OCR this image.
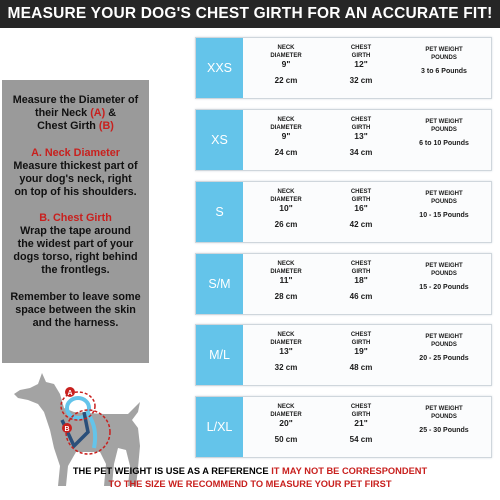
MEASURE YOUR DOG'S CHEST GIRTH FOR AN ACCURATE FIT!
Measure the Diameter of
their Neck (A) &
Chest Girth (B)
A. Neck Diameter
Measure thickest part of
your dog's neck, right
on top of his shoulders.
B. Chest Girth
Wrap the tape around
the widest part of your
dogs torso, right behind
the frontlegs.
Remember to leave some
space between the skin
and the harness.
XXS
NECK
DIAMETER
CHEST
GIRTH
PET WEIGHT
POUNDS
9"	12"
22 cm	32 cm
3 to 6 Pounds
XS
NECK
DIAMETER
CHEST
GIRTH
PET WEIGHT
POUNDS
9"	13"
24 cm	34 cm
6 to 10 Pounds
S
NECK
DIAMETER
CHEST
GIRTH
PET WEIGHT
POUNDS
10"	16"
26 cm	42 cm
10 - 15 Pounds
S/M
NECK
DIAMETER
CHEST
GIRTH
PET WEIGHT
POUNDS
11"	18"
28 cm	46 cm
15 - 20 Pounds
M/L
NECK
DIAMETER
CHEST
GIRTH
PET WEIGHT
POUNDS
13"	19"
32 cm	48 cm
20 - 25 Pounds
L/XL
NECK
DIAMETER
CHEST
GIRTH
PET WEIGHT
POUNDS
20"	21"
50 cm	54 cm
25 - 30 Pounds
A
B
THE PET WEIGHT IS USE AS A REFERENCE IT MAY NOT BE CORRESPONDENT
TO THE SIZE WE RECOMMEND TO MEASURE YOUR PET FIRST
